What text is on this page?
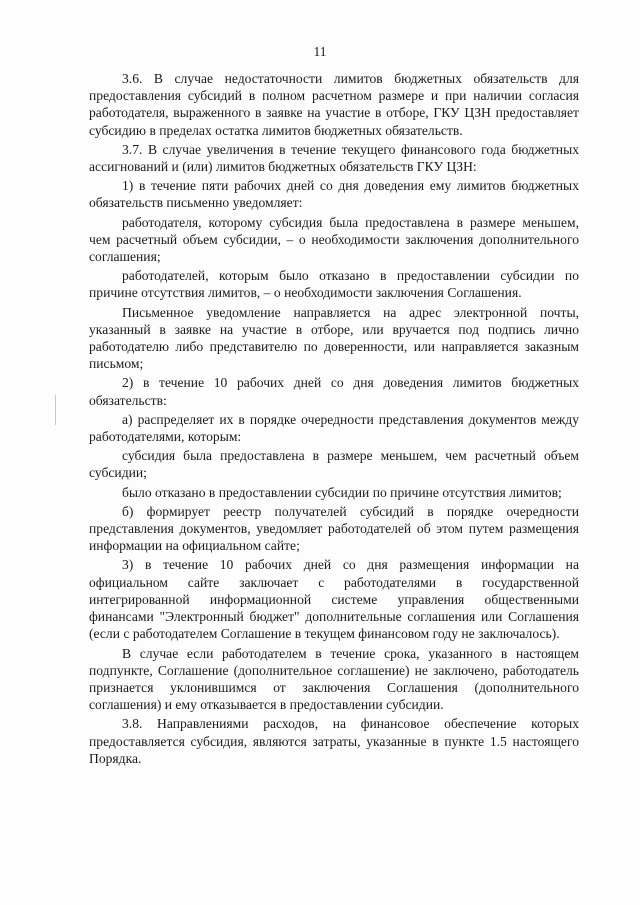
11

3.6. В случае недостаточности лимитов бюджетных обязательств для предоставления субсидий в полном расчетном размере и при наличии согласия работодателя, выраженного в заявке на участие в отборе, ГКУ ЦЗН предоставляет субсидию в пределах остатка лимитов бюджетных обязательств.

3.7. В случае увеличения в течение текущего финансового года бюджетных ассигнований и (или) лимитов бюджетных обязательств ГКУ ЦЗН:

1) в течение пяти рабочих дней со дня доведения ему лимитов бюджетных обязательств письменно уведомляет:

работодателя, которому субсидия была предоставлена в размере меньшем, чем расчетный объем субсидии, – о необходимости заключения дополнительного соглашения;

работодателей, которым было отказано в предоставлении субсидии по причине отсутствия лимитов, – о необходимости заключения Соглашения.

Письменное уведомление направляется на адрес электронной почты, указанный в заявке на участие в отборе, или вручается под подпись лично работодателю либо представителю по доверенности, или направляется заказным письмом;

2) в течение 10 рабочих дней со дня доведения лимитов бюджетных обязательств:

а) распределяет их в порядке очередности представления документов между работодателями, которым:

субсидия была предоставлена в размере меньшем, чем расчетный объем субсидии;

было отказано в предоставлении субсидии по причине отсутствия лимитов;

б) формирует реестр получателей субсидий в порядке очередности представления документов, уведомляет работодателей об этом путем размещения информации на официальном сайте;

3) в течение 10 рабочих дней со дня размещения информации на официальном сайте заключает с работодателями в государственной интегрированной информационной системе управления общественными финансами "Электронный бюджет" дополнительные соглашения или Соглашения (если с работодателем Соглашение в текущем финансовом году не заключалось).

В случае если работодателем в течение срока, указанного в настоящем подпункте, Соглашение (дополнительное соглашение) не заключено, работодатель признается уклонившимся от заключения Соглашения (дополнительного соглашения) и ему отказывается в предоставлении субсидии.

3.8. Направлениями расходов, на финансовое обеспечение которых предоставляется субсидия, являются затраты, указанные в пункте 1.5 настоящего Порядка.
